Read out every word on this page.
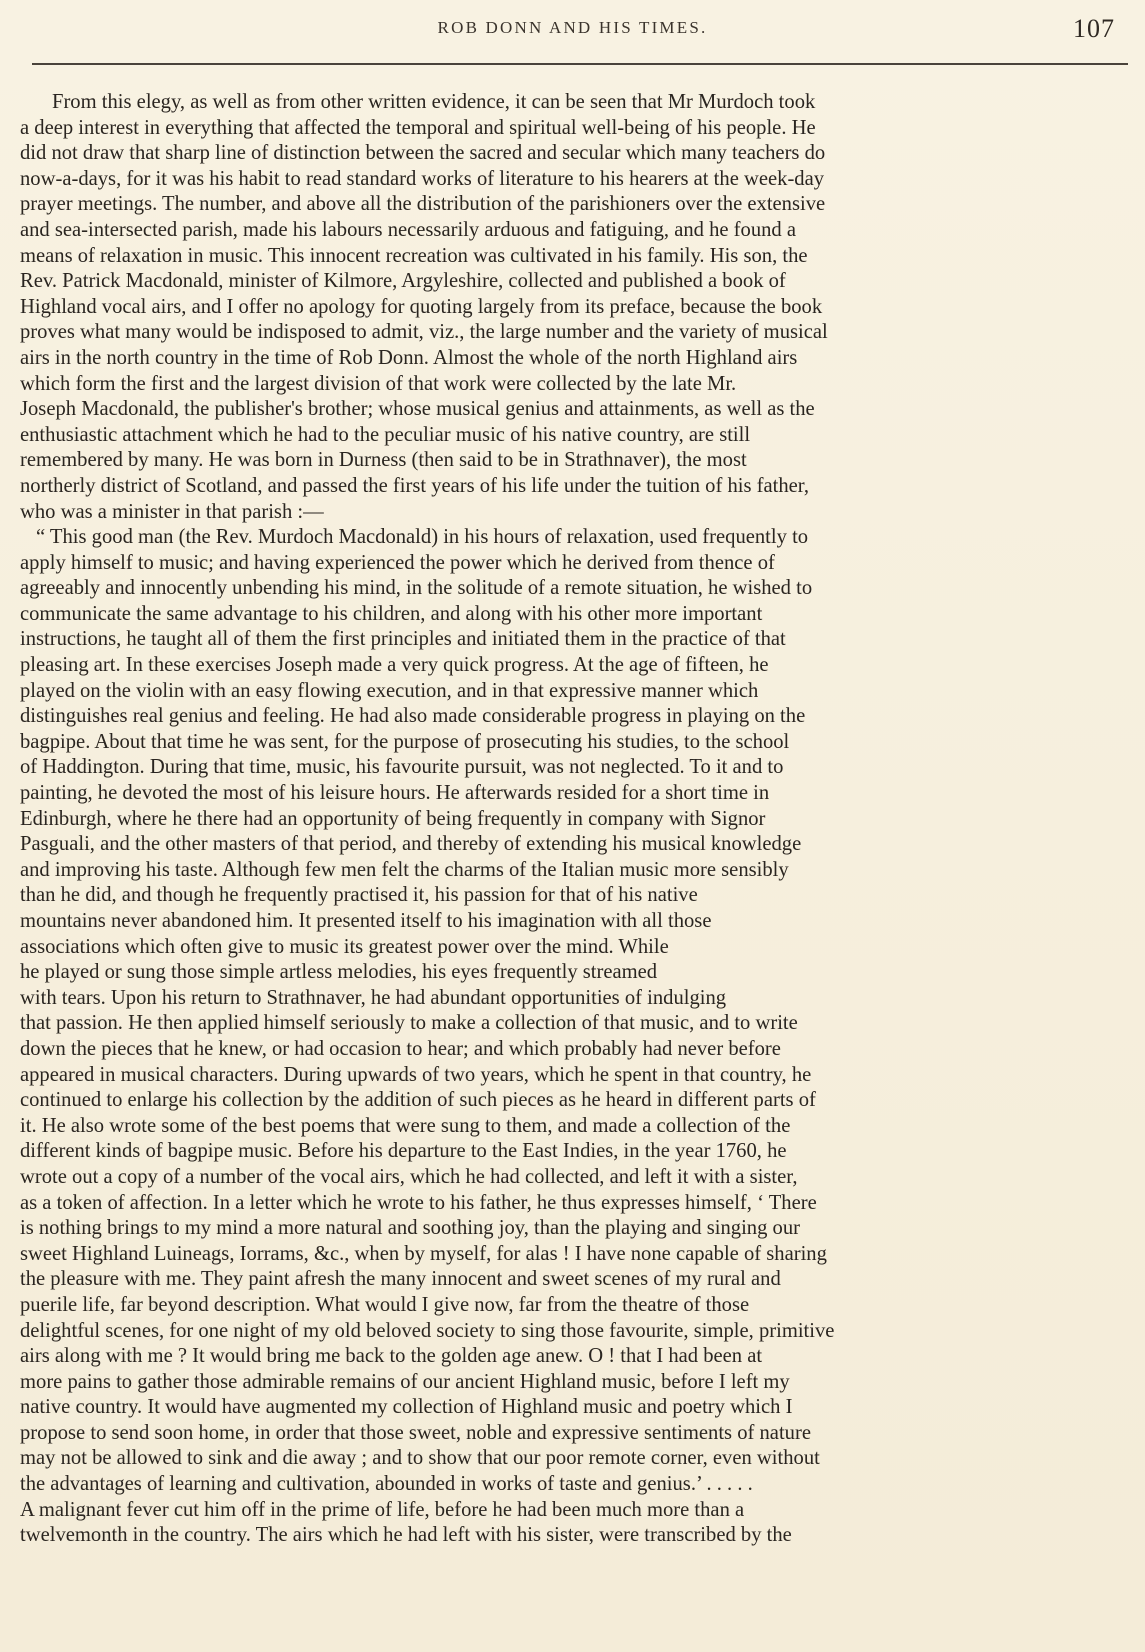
ROB DONN AND HIS TIMES.	107
From this elegy, as well as from other written evidence, it can be seen that Mr Murdoch took
a deep interest in everything that affected the temporal and spiritual well-being of his people. He
did not draw that sharp line of distinction between the sacred and secular which many teachers do
now-a-days, for it was his habit to read standard works of literature to his hearers at the week-day
prayer meetings. The number, and above all the distribution of the parishioners over the extensive
and sea-intersected parish, made his labours necessarily arduous and fatiguing, and he found a
means of relaxation in music. This innocent recreation was cultivated in his family. His son, the
Rev. Patrick Macdonald, minister of Kilmore, Argyleshire, collected and published a book of
Highland vocal airs, and I offer no apology for quoting largely from its preface, because the book
proves what many would be indisposed to admit, viz., the large number and the variety of musical
airs in the north country in the time of Rob Donn. Almost the whole of the north Highland airs
which form the first and the largest division of that work were collected by the late Mr.
Joseph Macdonald, the publisher's brother; whose musical genius and attainments, as well as the
enthusiastic attachment which he had to the peculiar music of his native country, are still
remembered by many. He was born in Durness (then said to be in Strathnaver), the most
northerly district of Scotland, and passed the first years of his life under the tuition of his father,
who was a minister in that parish :—
“ This good man (the Rev. Murdoch Macdonald) in his hours of relaxation, used frequently to
apply himself to music; and having experienced the power which he derived from thence of
agreeably and innocently unbending his mind, in the solitude of a remote situation, he wished to
communicate the same advantage to his children, and along with his other more important
instructions, he taught all of them the first principles and initiated them in the practice of that
pleasing art. In these exercises Joseph made a very quick progress. At the age of fifteen, he
played on the violin with an easy flowing execution, and in that expressive manner which
distinguishes real genius and feeling. He had also made considerable progress in playing on the
bagpipe. About that time he was sent, for the purpose of prosecuting his studies, to the school
of Haddington. During that time, music, his favourite pursuit, was not neglected. To it and to
painting, he devoted the most of his leisure hours. He afterwards resided for a short time in
Edinburgh, where he there had an opportunity of being frequently in company with Signor
Pasguali, and the other masters of that period, and thereby of extending his musical knowledge
and improving his taste. Although few men felt the charms of the Italian music more sensibly
than he did, and though he frequently practised it, his passion for that of his native
mountains never abandoned him. It presented itself to his imagination with all those
associations which often give to music its greatest power over the mind. While
he played or sung those simple artless melodies, his eyes frequently streamed
with tears. Upon his return to Strathnaver, he had abundant opportunities of indulging
that passion. He then applied himself seriously to make a collection of that music, and to write
down the pieces that he knew, or had occasion to hear; and which probably had never before
appeared in musical characters. During upwards of two years, which he spent in that country, he
continued to enlarge his collection by the addition of such pieces as he heard in different parts of
it. He also wrote some of the best poems that were sung to them, and made a collection of the
different kinds of bagpipe music. Before his departure to the East Indies, in the year 1760, he
wrote out a copy of a number of the vocal airs, which he had collected, and left it with a sister,
as a token of affection. In a letter which he wrote to his father, he thus expresses himself, ‘ There
is nothing brings to my mind a more natural and soothing joy, than the playing and singing our
sweet Highland Luineags, Iorrams, &c., when by myself, for alas ! I have none capable of sharing
the pleasure with me. They paint afresh the many innocent and sweet scenes of my rural and
puerile life, far beyond description. What would I give now, far from the theatre of those
delightful scenes, for one night of my old beloved society to sing those favourite, simple, primitive
airs along with me ? It would bring me back to the golden age anew. O ! that I had been at
more pains to gather those admirable remains of our ancient Highland music, before I left my
native country. It would have augmented my collection of Highland music and poetry which I
propose to send soon home, in order that those sweet, noble and expressive sentiments of nature
may not be allowed to sink and die away ; and to show that our poor remote corner, even without
the advantages of learning and cultivation, abounded in works of taste and genius.’ . . . . .
A malignant fever cut him off in the prime of life, before he had been much more than a
twelvemonth in the country. The airs which he had left with his sister, were transcribed by the
